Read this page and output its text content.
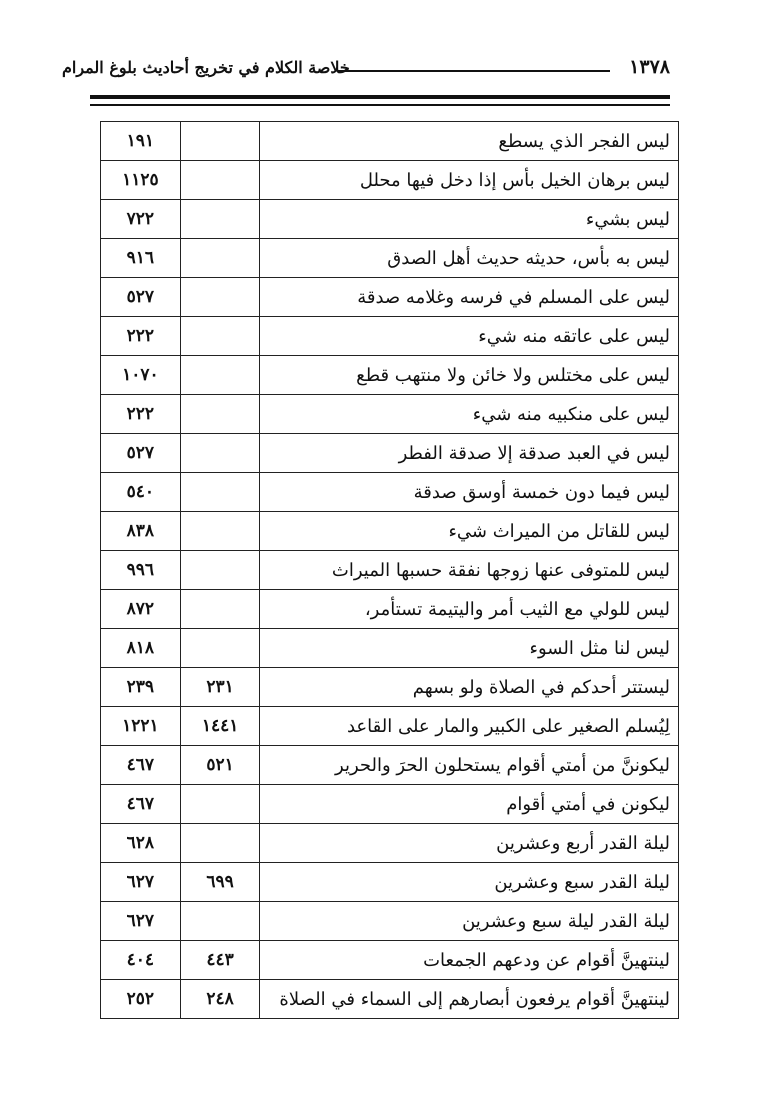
١٣٧٨
خلاصة الكلام في تخريج أحاديث بلوغ المرام
ليس الفجر الذي يسطع		١٩١
ليس برهان الخيل بأس إذا دخل فيها محلل		١١٢٥
ليس بشيء		٧٢٢
ليس به بأس، حديثه حديث أهل الصدق		٩١٦
ليس على المسلم في فرسه وغلامه صدقة		٥٢٧
ليس على عاتقه منه شيء		٢٢٢
ليس على مختلس ولا خائن ولا منتهب قطع		١٠٧٠
ليس على منكبيه منه شيء		٢٢٢
ليس في العبد صدقة إلا صدقة الفطر		٥٢٧
ليس فيما دون خمسة أوسق صدقة		٥٤٠
ليس للقاتل من الميراث شيء		٨٣٨
ليس للمتوفى عنها زوجها نفقة حسبها الميراث		٩٩٦
ليس للولي مع الثيب أمر واليتيمة تستأمر،		٨٧٢
ليس لنا مثل السوء		٨١٨
ليستتر أحدكم في الصلاة ولو بسهم	٢٣١	٢٣٩
لِيُسلم الصغير على الكبير والمار على القاعد	١٤٤١	١٢٢١
ليكوننَّ من أمتي أقوام يستحلون الحرَ والحرير	٥٢١	٤٦٧
ليكونن في أمتي أقوام		٤٦٧
ليلة القدر أربع وعشرين		٦٢٨
ليلة القدر سبع وعشرين	٦٩٩	٦٢٧
ليلة القدر ليلة سبع وعشرين		٦٢٧
لينتهينَّ أقوام عن ودعهم الجمعات	٤٤٣	٤٠٤
لينتهينَّ أقوام يرفعون أبصارهم إلى السماء في الصلاة	٢٤٨	٢٥٢
